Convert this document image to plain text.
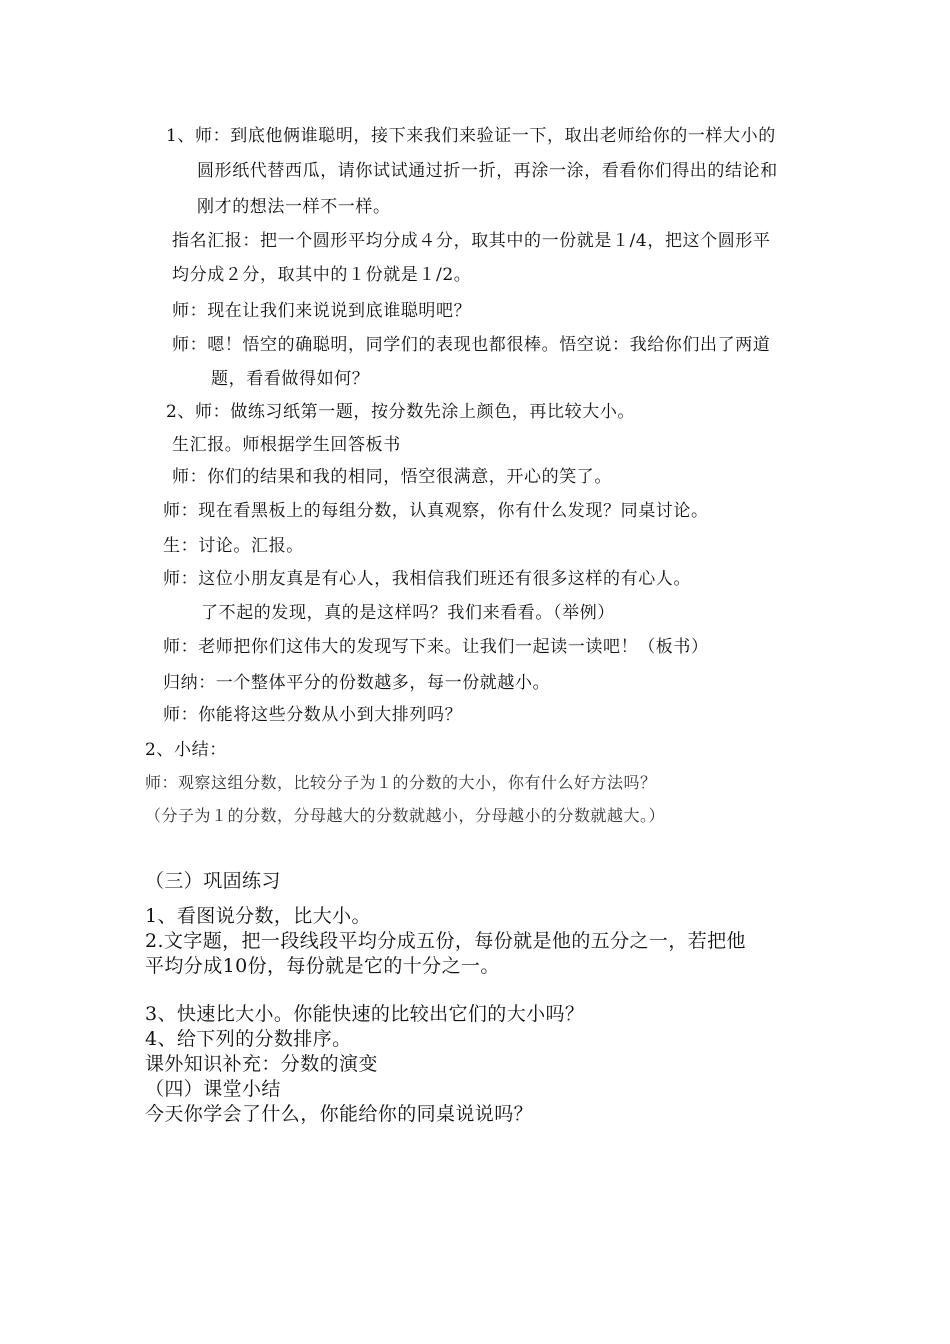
1、师：到底他俩谁聪明，接下来我们来验证一下，取出老师给你的一样大小的
圆形纸代替西瓜，请你试试通过折一折，再涂一涂，看看你们得出的结论和
刚才的想法一样不一样。
指名汇报：把一个圆形平均分成４分，取其中的一份就是１/4，把这个圆形平
均分成２分，取其中的１份就是１/2。
师：现在让我们来说说到底谁聪明吧？
师：嗯！悟空的确聪明，同学们的表现也都很棒。悟空说：我给你们出了两道
题，看看做得如何？
2、师：做练习纸第一题，按分数先涂上颜色，再比较大小。
生汇报。师根据学生回答板书
师：你们的结果和我的相同，悟空很满意，开心的笑了。
师：现在看黑板上的每组分数，认真观察，你有什么发现？同桌讨论。
生：讨论。汇报。
师：这位小朋友真是有心人，我相信我们班还有很多这样的有心人。
了不起的发现，真的是这样吗？我们来看看。（举例）
师：老师把你们这伟大的发现写下来。让我们一起读一读吧！（板书）
归纳：一个整体平分的份数越多，每一份就越小。
师：你能将这些分数从小到大排列吗？
2、小结：
师：观察这组分数，比较分子为１的分数的大小，你有什么好方法吗？
（分子为１的分数，分母越大的分数就越小，分母越小的分数就越大。）
（三）巩固练习
1、看图说分数，比大小。
2.文字题，把一段线段平均分成五份，每份就是他的五分之一，若把他
平均分成10份，每份就是它的十分之一。
3、快速比大小。你能快速的比较出它们的大小吗？
4、给下列的分数排序。
课外知识补充：分数的演变
（四）课堂小结
今天你学会了什么，你能给你的同桌说说吗？
